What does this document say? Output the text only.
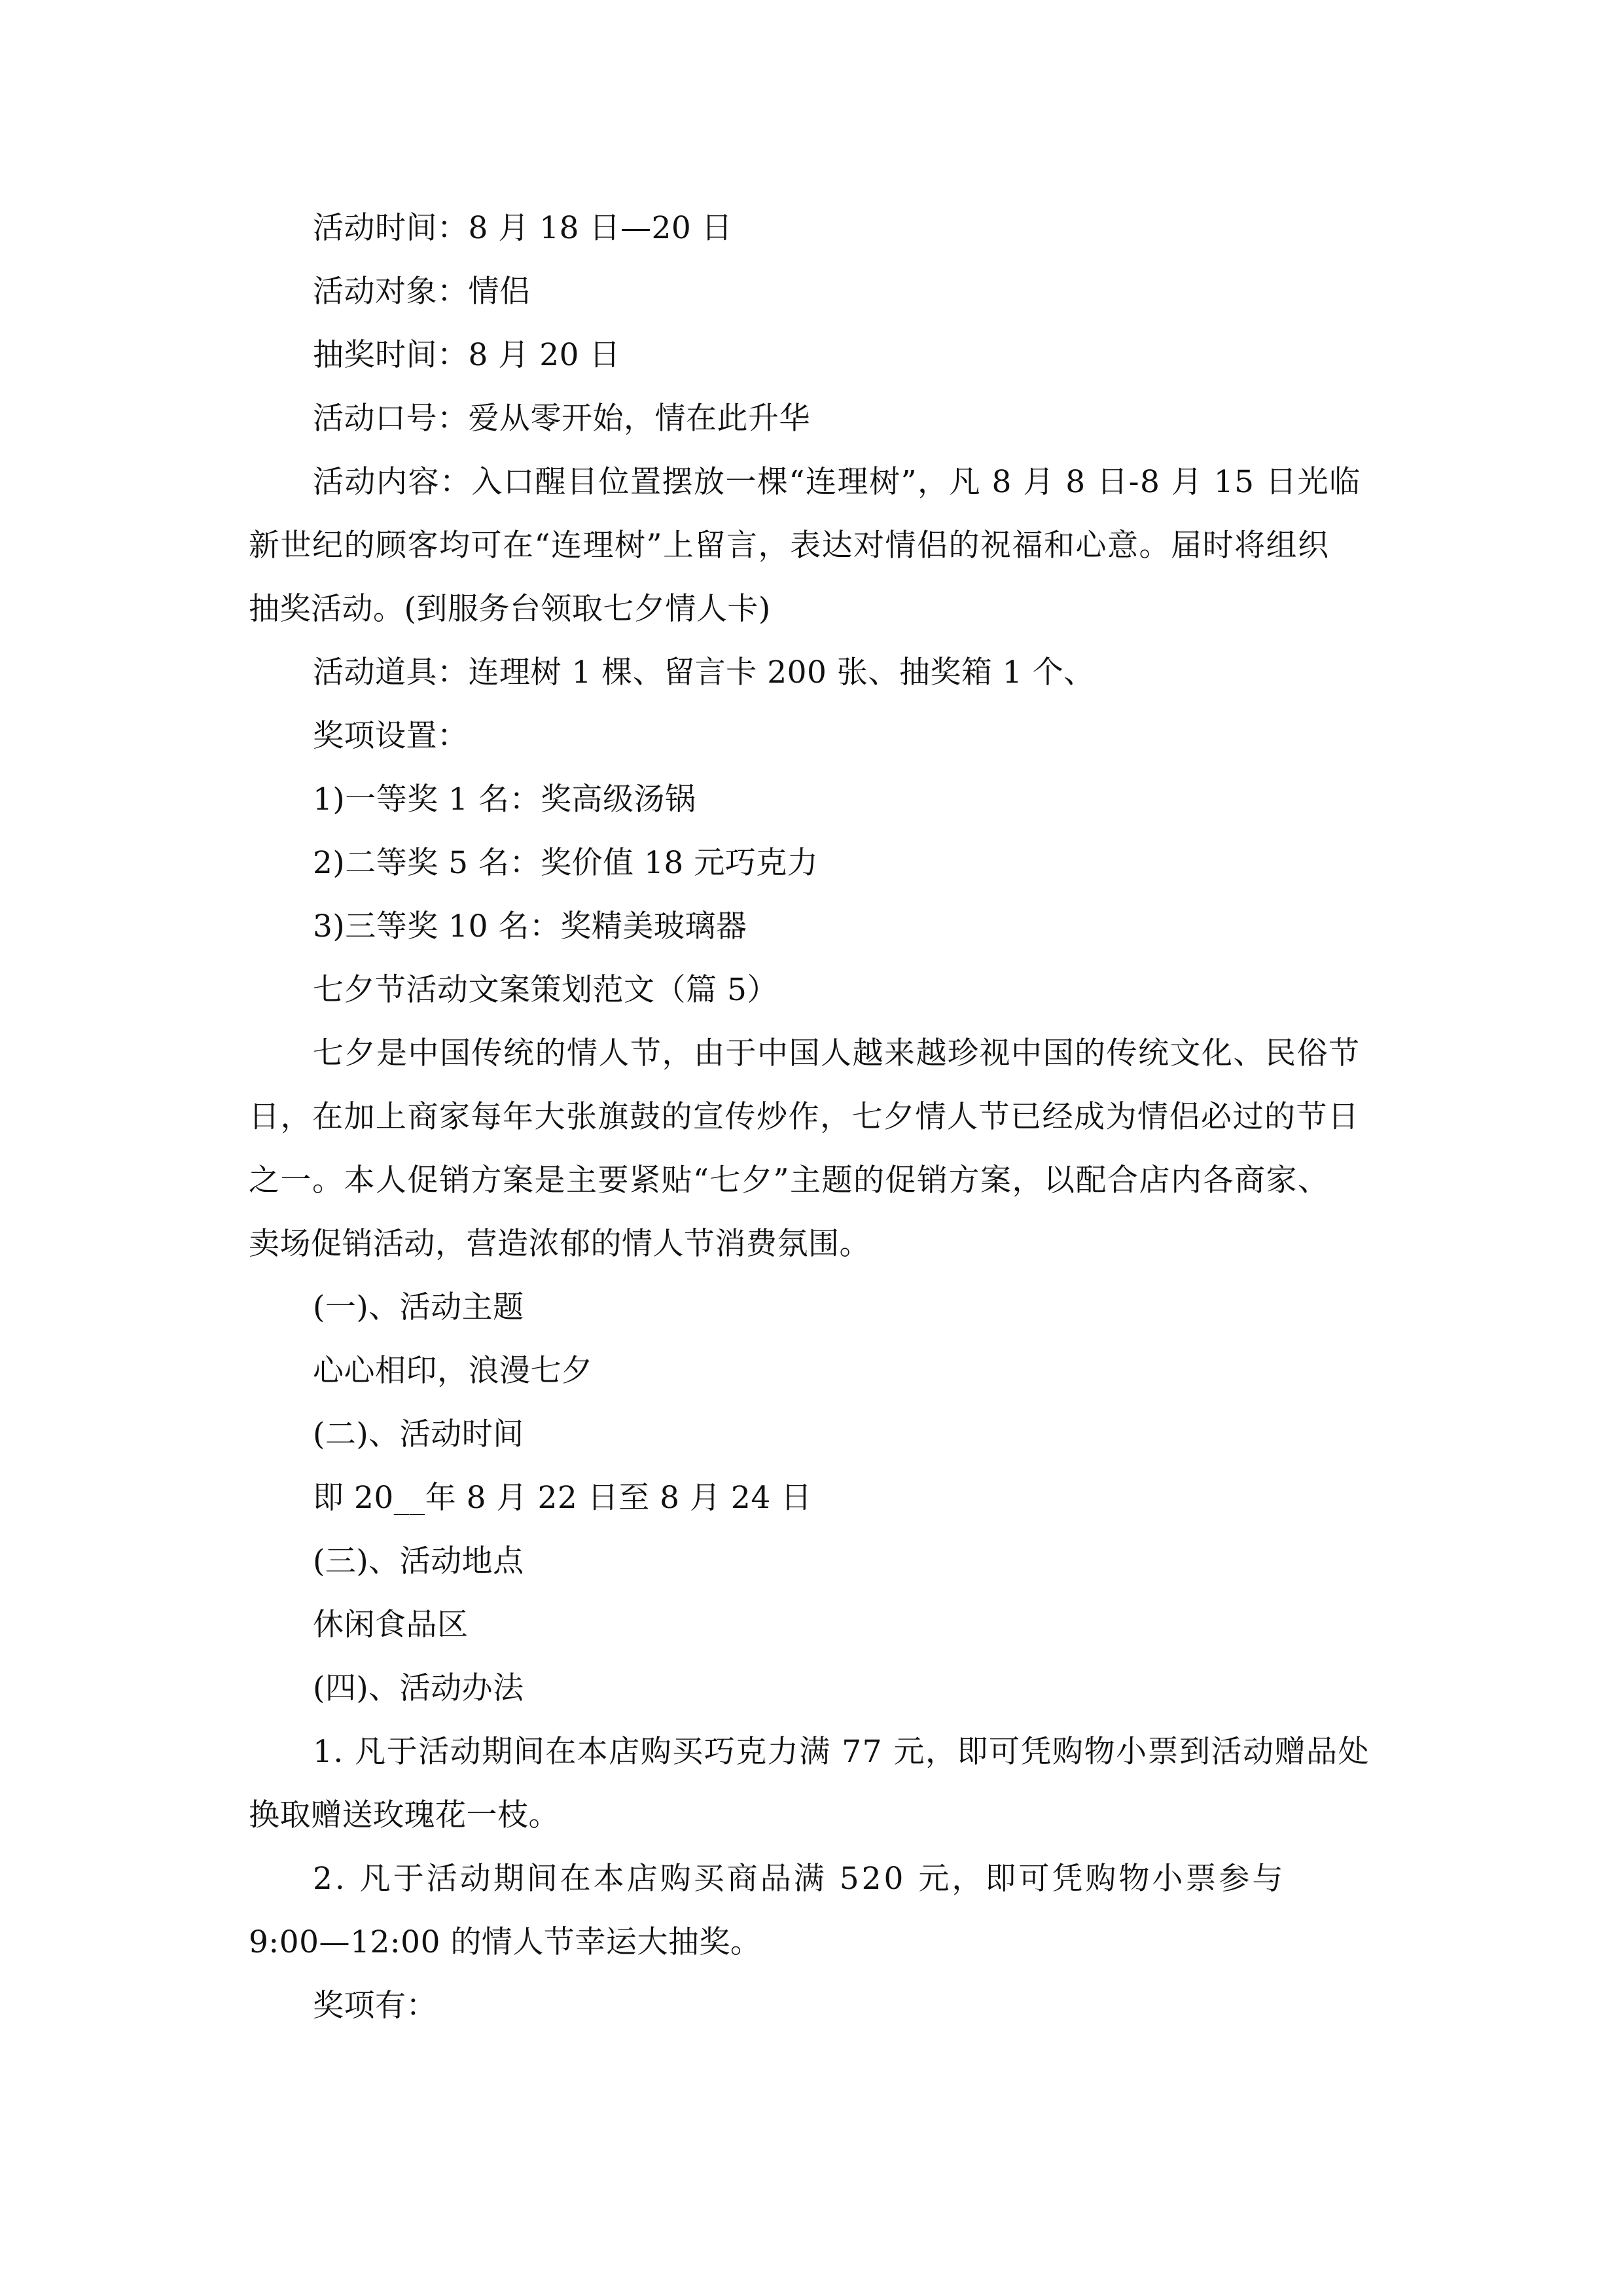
活动时间：8 月 18 日—20 日
活动对象：情侣
抽奖时间：8 月 20 日
活动口号：爱从零开始，情在此升华
活动内容：入口醒目位置摆放一棵“连理树”，凡 8 月 8 日-8 月 15 日光临
新世纪的顾客均可在“连理树”上留言，表达对情侣的祝福和心意。届时将组织
抽奖活动。(到服务台领取七夕情人卡)
活动道具：连理树 1 棵、留言卡 200 张、抽奖箱 1 个、
奖项设置：
1)一等奖 1 名：奖高级汤锅
2)二等奖 5 名：奖价值 18 元巧克力
3)三等奖 10 名：奖精美玻璃器
七夕节活动文案策划范文（篇 5）
七夕是中国传统的情人节，由于中国人越来越珍视中国的传统文化、民俗节
日，在加上商家每年大张旗鼓的宣传炒作，七夕情人节已经成为情侣必过的节日
之一。本人促销方案是主要紧贴“七夕”主题的促销方案，以配合店内各商家、
卖场促销活动，营造浓郁的情人节消费氛围。
(一)、活动主题
心心相印，浪漫七夕
(二)、活动时间
即 20__年 8 月 22 日至 8 月 24 日
(三)、活动地点
休闲食品区
(四)、活动办法
1. 凡于活动期间在本店购买巧克力满 77 元，即可凭购物小票到活动赠品处
换取赠送玫瑰花一枝。
2. 凡于活动期间在本店购买商品满 520 元，即可凭购物小票参与
9:00—12:00 的情人节幸运大抽奖。
奖项有：
